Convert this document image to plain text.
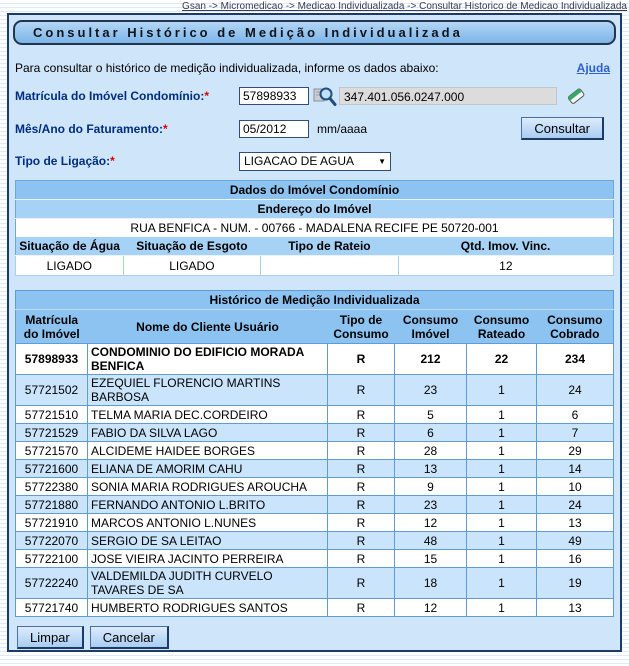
Gsan -> Micromedicao -> Medicao Individualizada -> Consultar Historico de Medicao Individualizada
Consultar Histórico de Medição Individualizada
Para consultar o histórico de medição individualizada, informe os dados abaixo:	Ajuda
Matrícula do Imóvel Condomínio:*
57898933	347.401.056.0247.000
Mês/Ano do Faturamento:*
05/2012	mm/aaaa	Consultar
Tipo de Ligação:*	LIGACAO DE AGUA	▼
Dados do Imóvel Condomínio			
Endereço do Imóvel			
RUA BENFICA - NUM. - 00766 - MADALENA RECIFE PE 50720-001			
Situação de Água	Situação de Esgoto	Tipo de Rateio	Qtd. Imov. Vinc.
LIGADO	LIGADO		12
Histórico de Medição Individualizada					
Matrícula do Imóvel	Nome do Cliente Usuário	Tipo de Consumo	Consumo Imóvel	Consumo Rateado	Consumo Cobrado
57898933	CONDOMINIO DO EDIFICIO MORADA BENFICA	R	212	22	234
57721502	EZEQUIEL FLORENCIO MARTINS BARBOSA	R	23	1	24
57721510	TELMA MARIA DEC.CORDEIRO	R	5	1	6
57721529	FABIO DA SILVA LAGO	R	6	1	7
57721570	ALCIDEME HAIDEE BORGES	R	28	1	29
57721600	ELIANA DE AMORIM CAHU	R	13	1	14
57722380	SONIA MARIA RODRIGUES AROUCHA	R	9	1	10
57721880	FERNANDO ANTONIO L.BRITO	R	23	1	24
57721910	MARCOS ANTONIO L.NUNES	R	12	1	13
57722070	SERGIO DE SA LEITAO	R	48	1	49
57722100	JOSE VIEIRA JACINTO PERREIRA	R	15	1	16
57722240	VALDEMILDA JUDITH CURVELO TAVARES DE SA	R	18	1	19
57721740	HUMBERTO RODRIGUES SANTOS	R	12	1	13
Limpar	Cancelar
